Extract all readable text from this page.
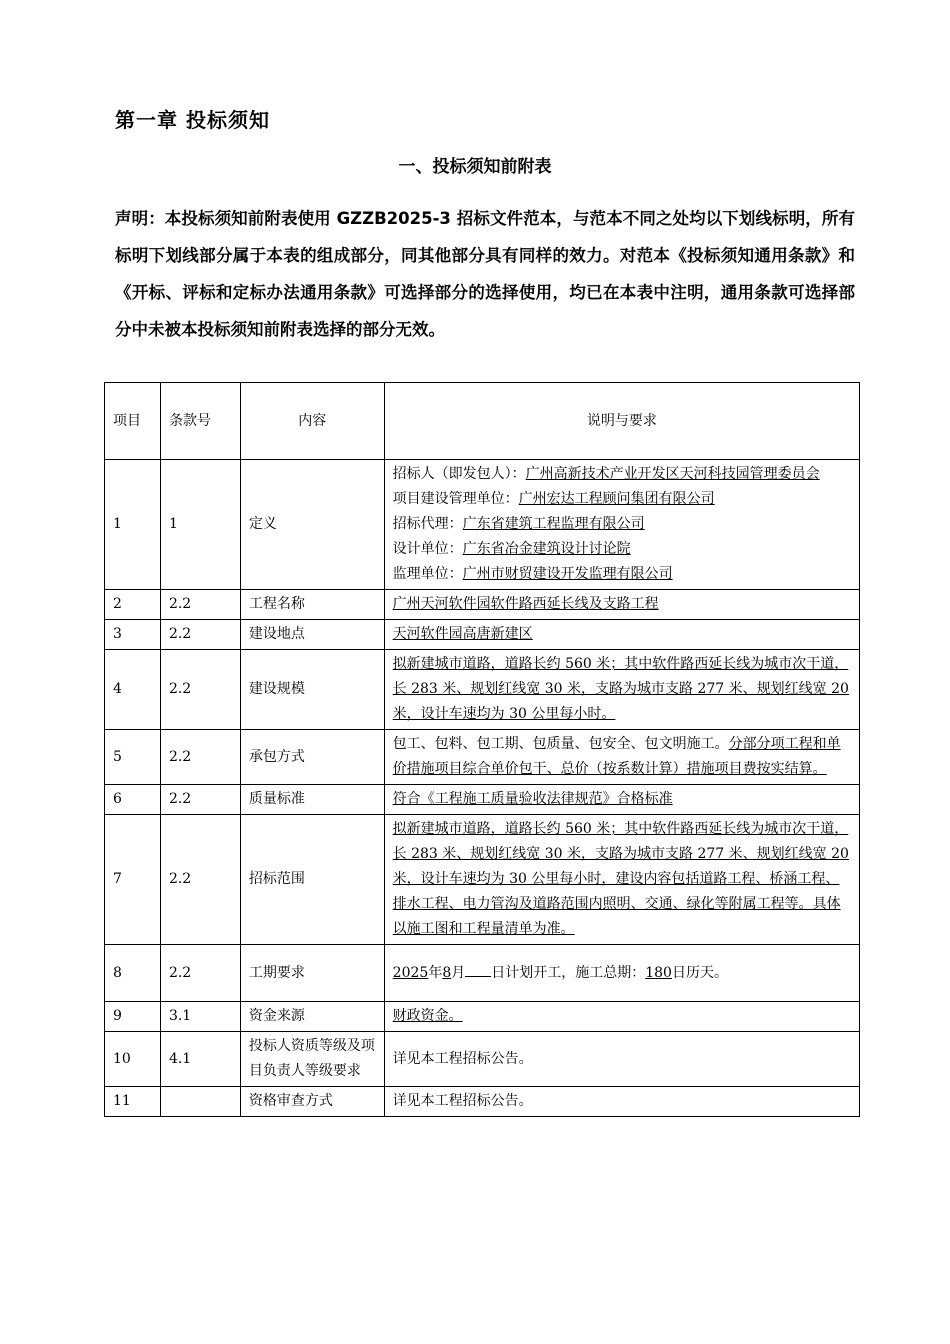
第一章 投标须知
一、投标须知前附表
声明：本投标须知前附表使用 GZZB2025-3 招标文件范本，与范本不同之处均以下划线标明，所有标明下划线部分属于本表的组成部分，同其他部分具有同样的效力。对范本《投标须知通用条款》和《开标、评标和定标办法通用条款》可选择部分的选择使用，均已在本表中注明，通用条款可选择部分中未被本投标须知前附表选择的部分无效。
项目	条款号	内容	说明与要求
1	1	定义	招标人（即发包人）：广州高新技术产业开发区天河科技园管理委员会
项目建设管理单位：广州宏达工程顾问集团有限公司
招标代理：广东省建筑工程监理有限公司
设计单位：广东省冶金建筑设计讨论院
监理单位：广州市财贸建设开发监理有限公司

2	2.2	工程名称	广州天河软件园软件路西延长线及支路工程
3	2.2	建设地点	天河软件园高唐新建区
4	2.2	建设规模	拟新建城市道路，道路长约 560 米；其中软件路西延长线为城市次干道，长 283 米、规划红线宽 30 米，支路为城市支路 277 米、规划红线宽 20 米，设计车速均为 30 公里每小时。
5	2.2	承包方式	包工、包料、包工期、包质量、包安全、包文明施工。分部分项工程和单价措施项目综合单价包干、总价（按系数计算）措施项目费按实结算。
6	2.2	质量标准	符合《工程施工质量验收法律规范》合格标准
7	2.2	招标范围	拟新建城市道路，道路长约 560 米；其中软件路西延长线为城市次干道，长 283 米、规划红线宽 30 米，支路为城市支路 277 米、规划红线宽 20 米，设计车速均为 30 公里每小时，建设内容包括道路工程、桥涵工程、排水工程、电力管沟及道路范围内照明、交通、绿化等附属工程等。具体以施工图和工程量清单为准。
8	2.2	工期要求	2025年8月 日计划开工，施工总期：180日历天。
9	3.1	资金来源	财政资金。
10	4.1	投标人资质等级及项目负责人等级要求	详见本工程招标公告。
11		资格审查方式	详见本工程招标公告。
